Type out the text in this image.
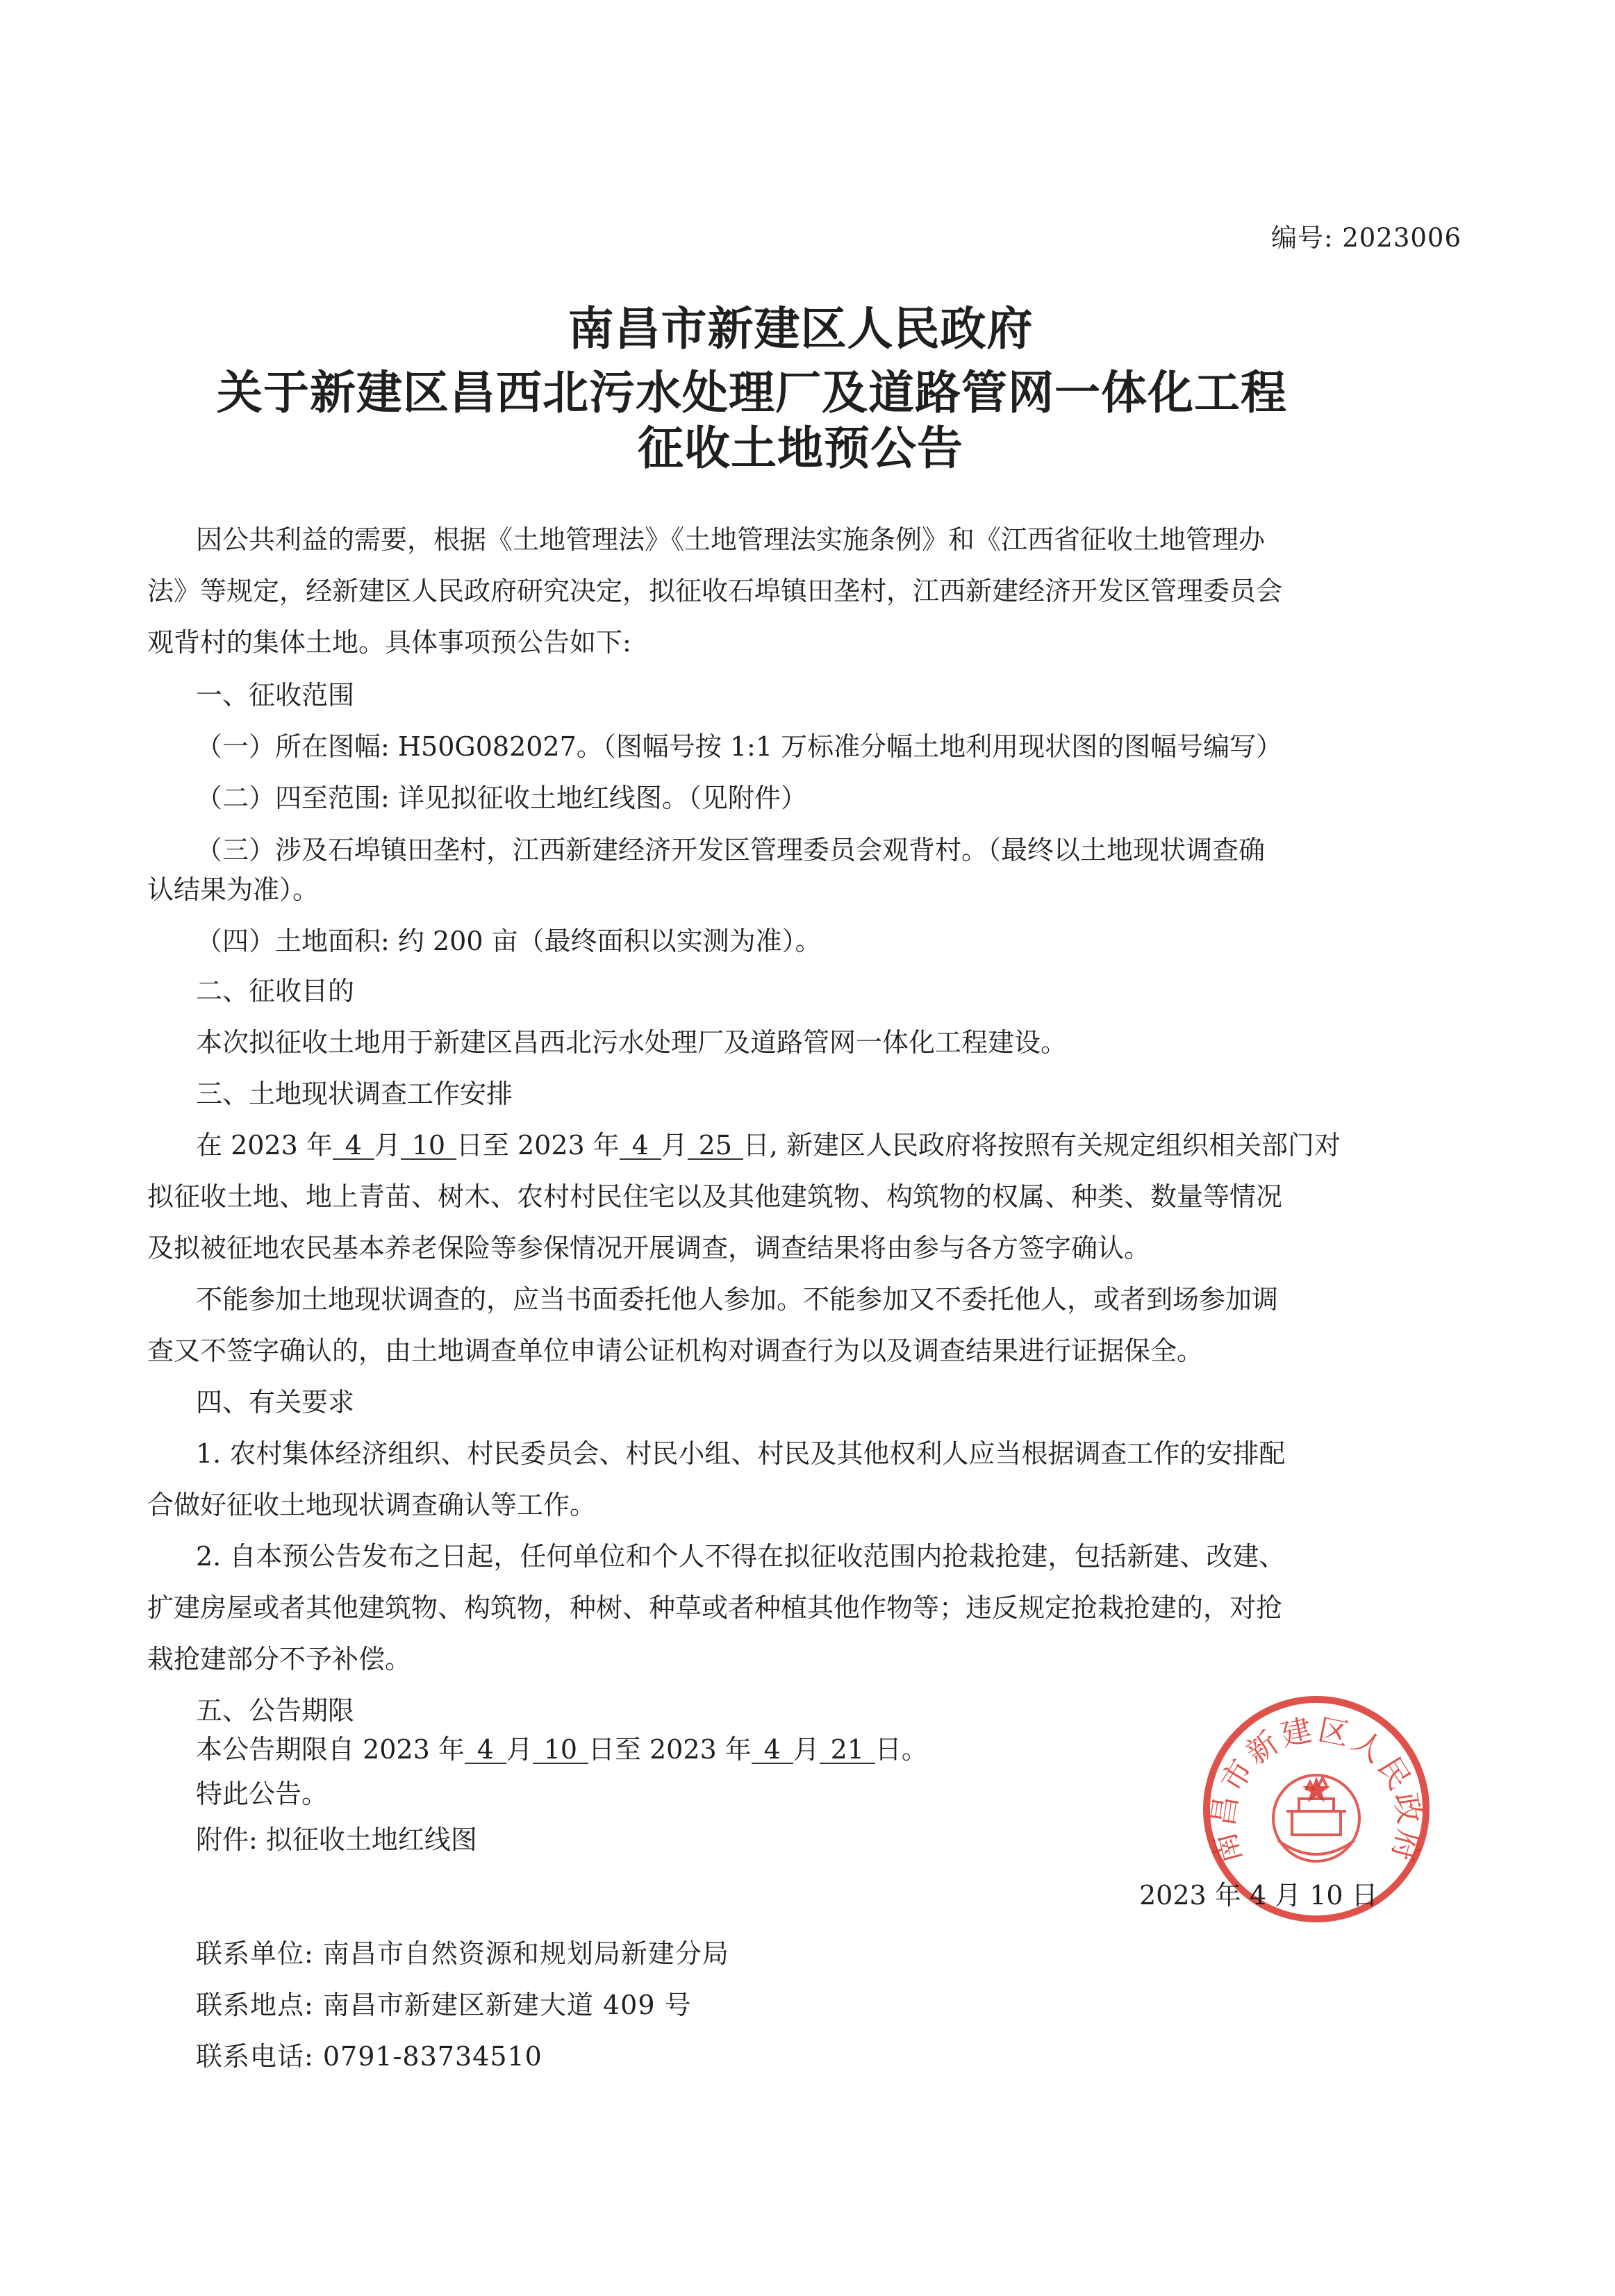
编号: 2023006
南昌市新建区人民政府
关于新建区昌西北污水处理厂及道路管网一体化工程
征收土地预公告
因公共利益的需要，根据《土地管理法》《土地管理法实施条例》和《江西省征收土地管理办
法》等规定，经新建区人民政府研究决定，拟征收石埠镇田垄村，江西新建经济开发区管理委员会
观背村的集体土地。具体事项预公告如下:
一、征收范围
（一）所在图幅: H50G082027。（图幅号按 1:1 万标准分幅土地利用现状图的图幅号编写）
（二）四至范围: 详见拟征收土地红线图。（见附件）
（三）涉及石埠镇田垄村，江西新建经济开发区管理委员会观背村。（最终以土地现状调查确
认结果为准）。
（四）土地面积: 约 200 亩（最终面积以实测为准）。
二、征收目的
本次拟征收土地用于新建区昌西北污水处理厂及道路管网一体化工程建设。
三、土地现状调查工作安排
在 2023 年 4 月 10 日至 2023 年 4 月 25 日, 新建区人民政府将按照有关规定组织相关部门对
拟征收土地、地上青苗、树木、农村村民住宅以及其他建筑物、构筑物的权属、种类、数量等情况
及拟被征地农民基本养老保险等参保情况开展调查，调查结果将由参与各方签字确认。
不能参加土地现状调查的，应当书面委托他人参加。不能参加又不委托他人，或者到场参加调
查又不签字确认的，由土地调查单位申请公证机构对调查行为以及调查结果进行证据保全。
四、有关要求
1. 农村集体经济组织、村民委员会、村民小组、村民及其他权利人应当根据调查工作的安排配
合做好征收土地现状调查确认等工作。
2. 自本预公告发布之日起，任何单位和个人不得在拟征收范围内抢栽抢建，包括新建、改建、
扩建房屋或者其他建筑物、构筑物，种树、种草或者种植其他作物等；违反规定抢栽抢建的，对抢
栽抢建部分不予补偿。
五、公告期限
本公告期限自 2023 年 4 月 10 日至 2023 年 4 月 21 日。
特此公告。
附件: 拟征收土地红线图	南昌市新建区人民政府
2023 年 4 月 10 日
联系单位: 南昌市自然资源和规划局新建分局
联系地点: 南昌市新建区新建大道 409 号
联系电话: 0791-83734510
